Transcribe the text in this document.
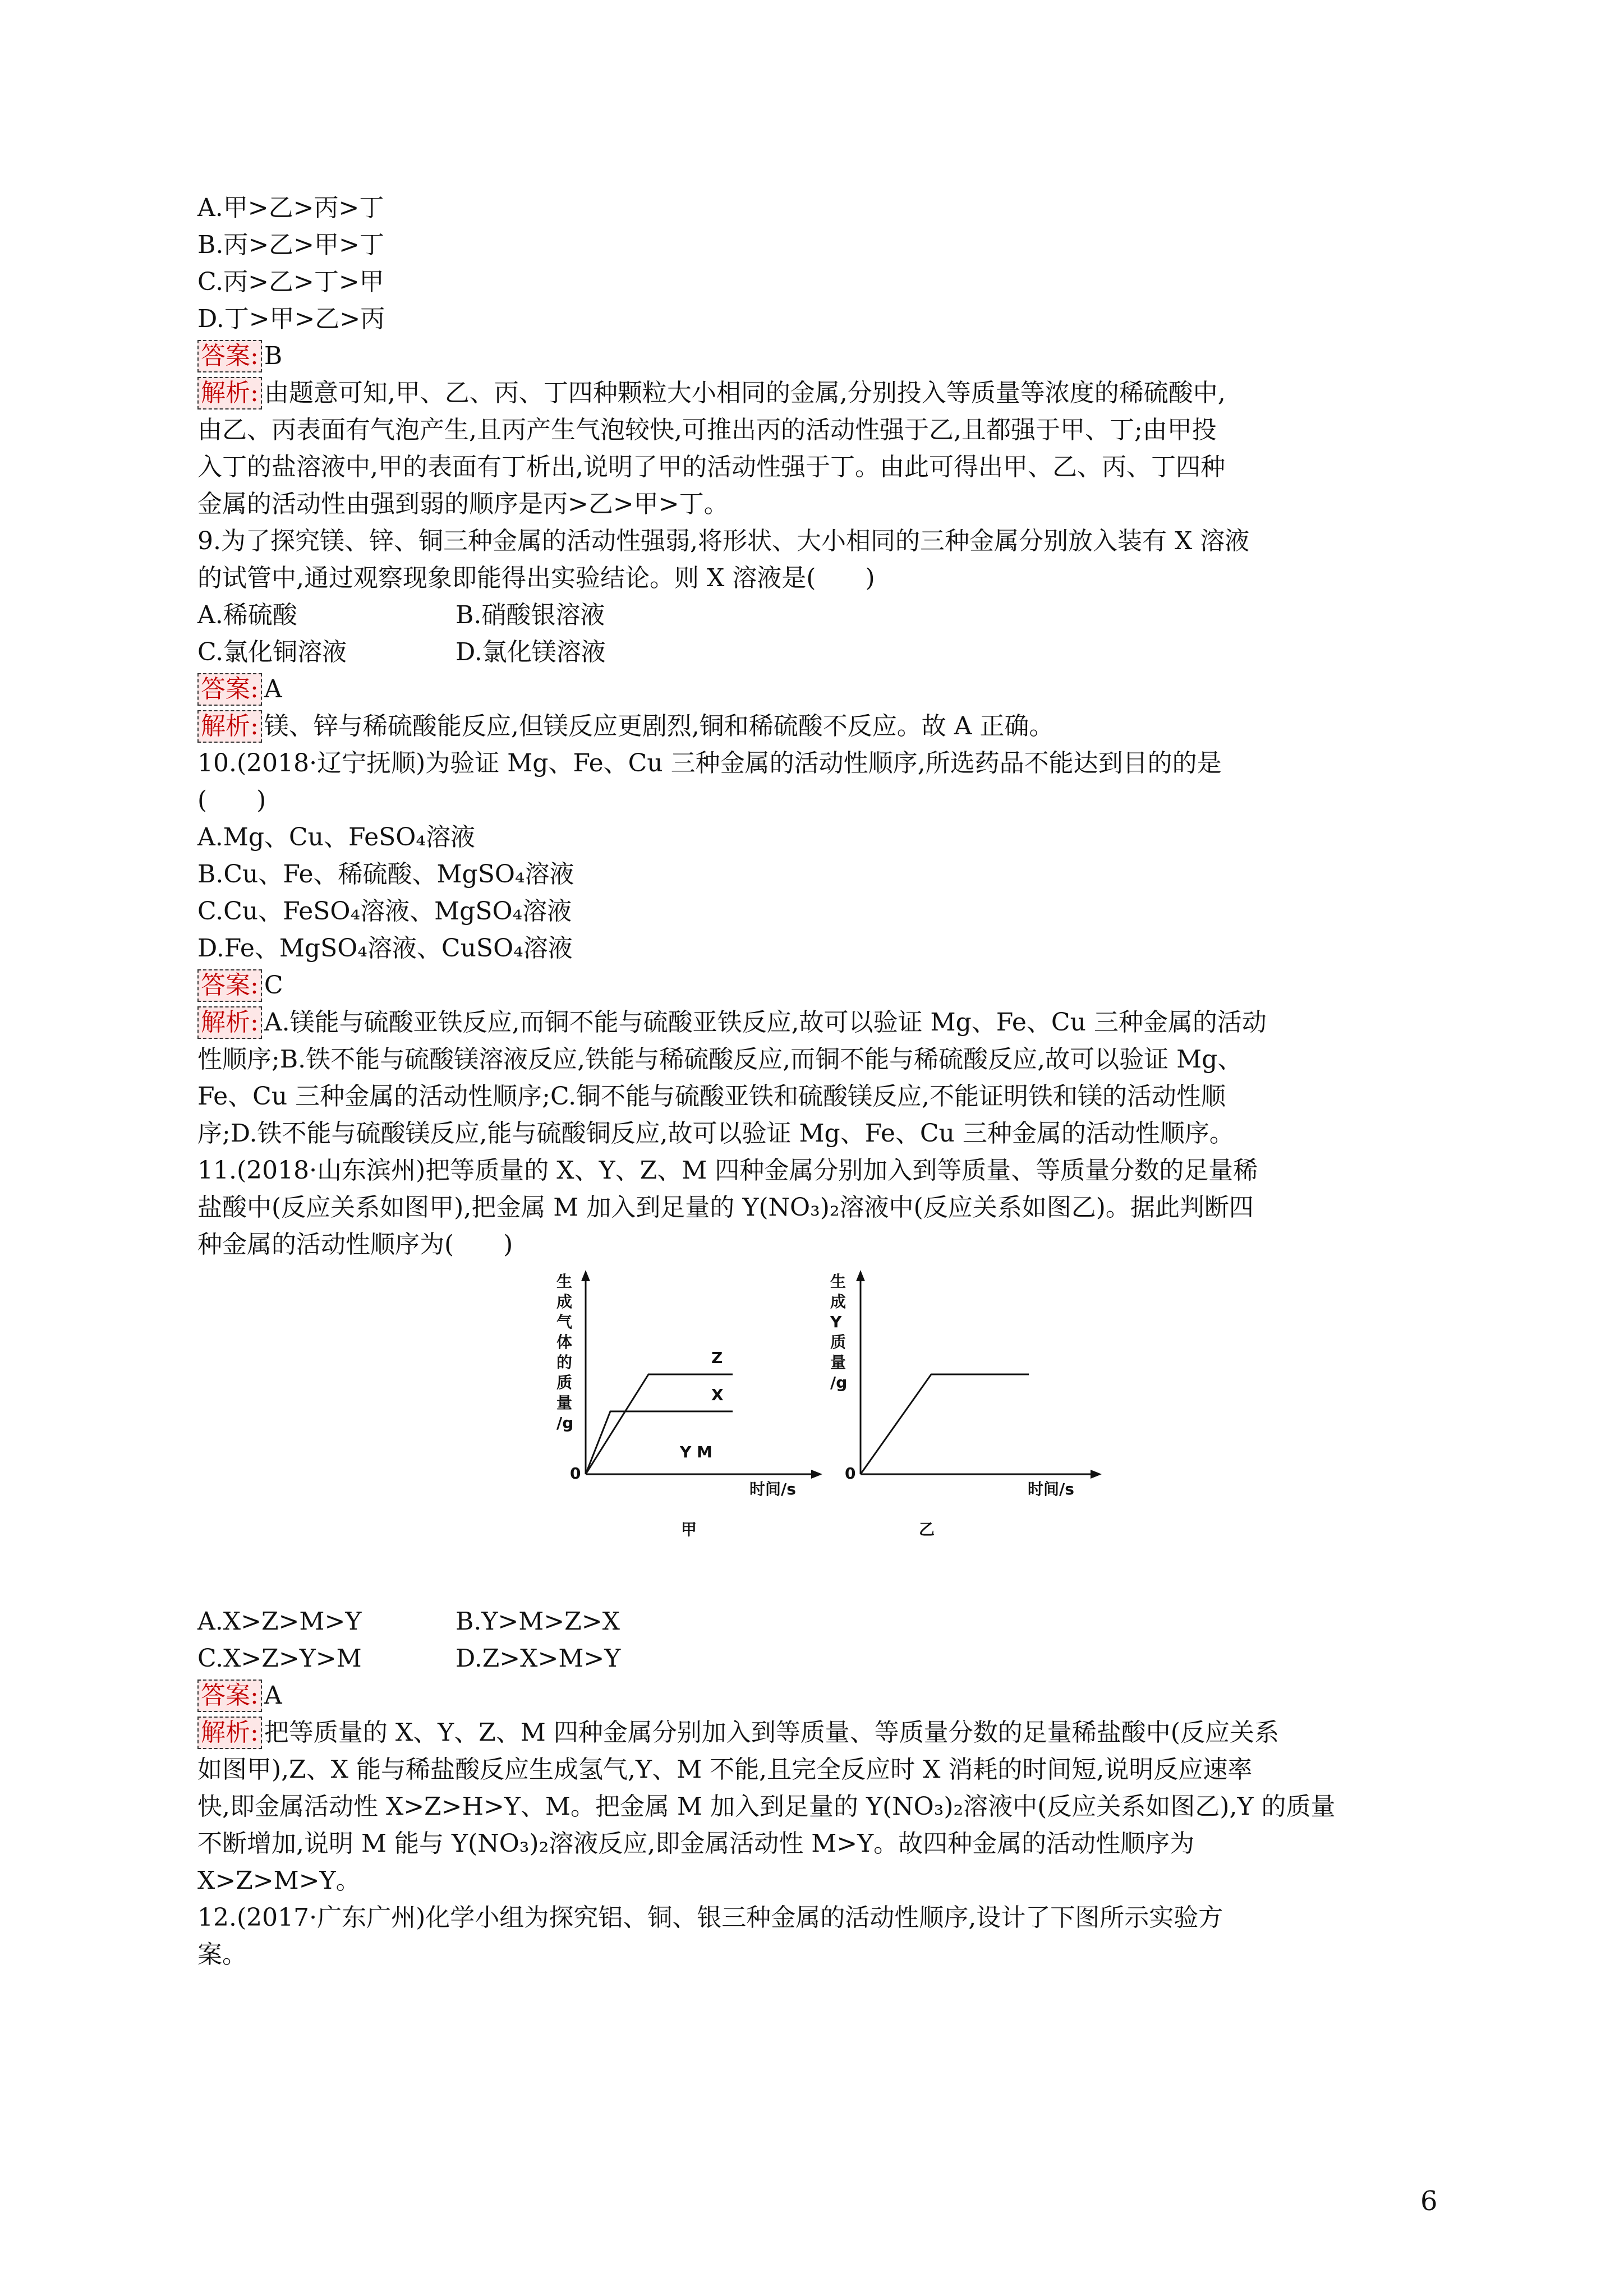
A.甲>乙>丙>丁
B.丙>乙>甲>丁
C.丙>乙>丁>甲
D.丁>甲>乙>丙
答案: B
解析: 由题意可知,甲、乙、丙、丁四种颗粒大小相同的金属,分别投入等质量等浓度的稀硫酸中,
由乙、丙表面有气泡产生,且丙产生气泡较快,可推出丙的活动性强于乙,且都强于甲、丁;由甲投
入丁的盐溶液中,甲的表面有丁析出,说明了甲的活动性强于丁。由此可得出甲、乙、丙、丁四种
金属的活动性由强到弱的顺序是丙>乙>甲>丁。
9.为了探究镁、锌、铜三种金属的活动性强弱,将形状、大小相同的三种金属分别放入装有 X 溶液
的试管中,通过观察现象即能得出实验结论。则 X 溶液是(　　)
A.稀硫酸	B.硝酸银溶液
C.氯化铜溶液	D.氯化镁溶液
答案: A
解析: 镁、锌与稀硫酸能反应,但镁反应更剧烈,铜和稀硫酸不反应。故 A 正确。
10.(2018·辽宁抚顺)为验证 Mg、Fe、Cu 三种金属的活动性顺序,所选药品不能达到目的的是
(　　)
A.Mg、Cu、FeSO₄溶液
B.Cu、Fe、稀硫酸、MgSO₄溶液
C.Cu、FeSO₄溶液、MgSO₄溶液
D.Fe、MgSO₄溶液、CuSO₄溶液
答案: C
解析: A.镁能与硫酸亚铁反应,而铜不能与硫酸亚铁反应,故可以验证 Mg、Fe、Cu 三种金属的活动
性顺序;B.铁不能与硫酸镁溶液反应,铁能与稀硫酸反应,而铜不能与稀硫酸反应,故可以验证 Mg、
Fe、Cu 三种金属的活动性顺序;C.铜不能与硫酸亚铁和硫酸镁反应,不能证明铁和镁的活动性顺
序;D.铁不能与硫酸镁反应,能与硫酸铜反应,故可以验证 Mg、Fe、Cu 三种金属的活动性顺序。
11.(2018·山东滨州)把等质量的 X、Y、Z、M 四种金属分别加入到等质量、等质量分数的足量稀
盐酸中(反应关系如图甲),把金属 M 加入到足量的 Y(NO₃)₂溶液中(反应关系如图乙)。据此判断四
种金属的活动性顺序为(　　)
生
成
气
体
的
质
量
/g
0
时间/s
Z
X
Y M
甲
生
成
Y
质
量
/g
0
时间/s
乙
A.X>Z>M>Y	B.Y>M>Z>X
C.X>Z>Y>M	D.Z>X>M>Y
答案: A
解析: 把等质量的 X、Y、Z、M 四种金属分别加入到等质量、等质量分数的足量稀盐酸中(反应关系
如图甲),Z、X 能与稀盐酸反应生成氢气,Y、M 不能,且完全反应时 X 消耗的时间短,说明反应速率
快,即金属活动性 X>Z>H>Y、M。把金属 M 加入到足量的 Y(NO₃)₂溶液中(反应关系如图乙),Y 的质量
不断增加,说明 M 能与 Y(NO₃)₂溶液反应,即金属活动性 M>Y。故四种金属的活动性顺序为
X>Z>M>Y。
12.(2017·广东广州)化学小组为探究铝、铜、银三种金属的活动性顺序,设计了下图所示实验方
案。
6
